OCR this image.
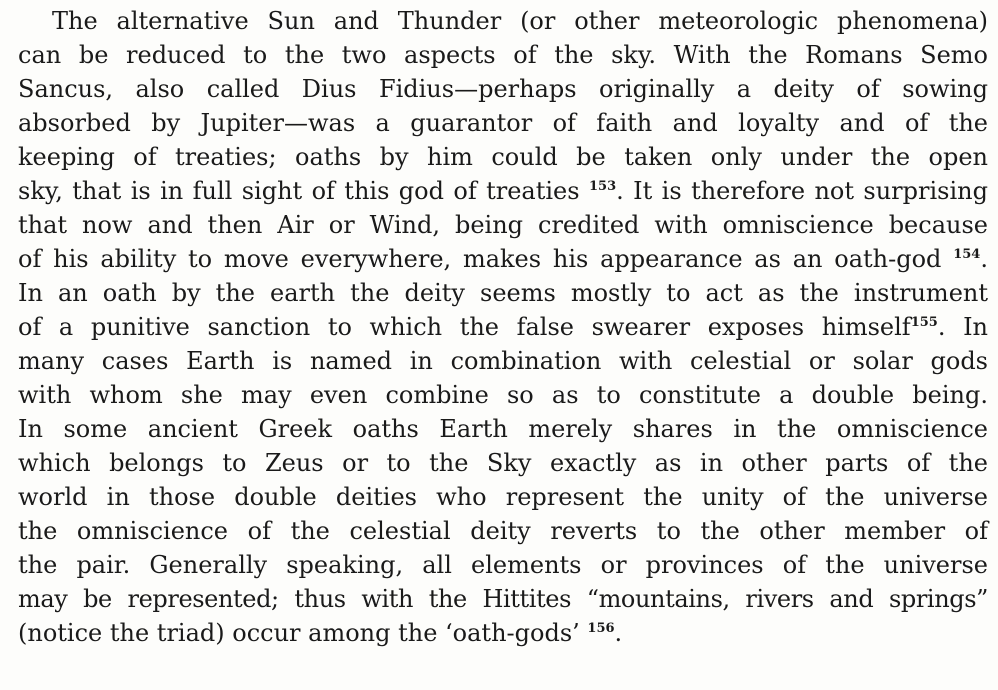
The alternative Sun and Thunder (or other meteorologic phenomena)
can be reduced to the two aspects of the sky. With the Romans Semo
Sancus, also called Dius Fidius—perhaps originally a deity of sowing
absorbed by Jupiter—was a guarantor of faith and loyalty and of the
keeping of treaties; oaths by him could be taken only under the open
sky, that is in full sight of this god of treaties $^{153}$. It is therefore not surprising
that now and then Air or Wind, being credited with omniscience because
of his ability to move everywhere, makes his appearance as an oath-god $^{154}$.
In an oath by the earth the deity seems mostly to act as the instrument
of a punitive sanction to which the false swearer exposes himself$^{155}$. In
many cases Earth is named in combination with celestial or solar gods
with whom she may even combine so as to constitute a double being.
In some ancient Greek oaths Earth merely shares in the omniscience
which belongs to Zeus or to the Sky exactly as in other parts of the
world in those double deities who represent the unity of the universe
the omniscience of the celestial deity reverts to the other member of
the pair. Generally speaking, all elements or provinces of the universe
may be represented; thus with the Hittites “mountains, rivers and springs”
(notice the triad) occur among the ‘oath-gods’ $^{156}$.
